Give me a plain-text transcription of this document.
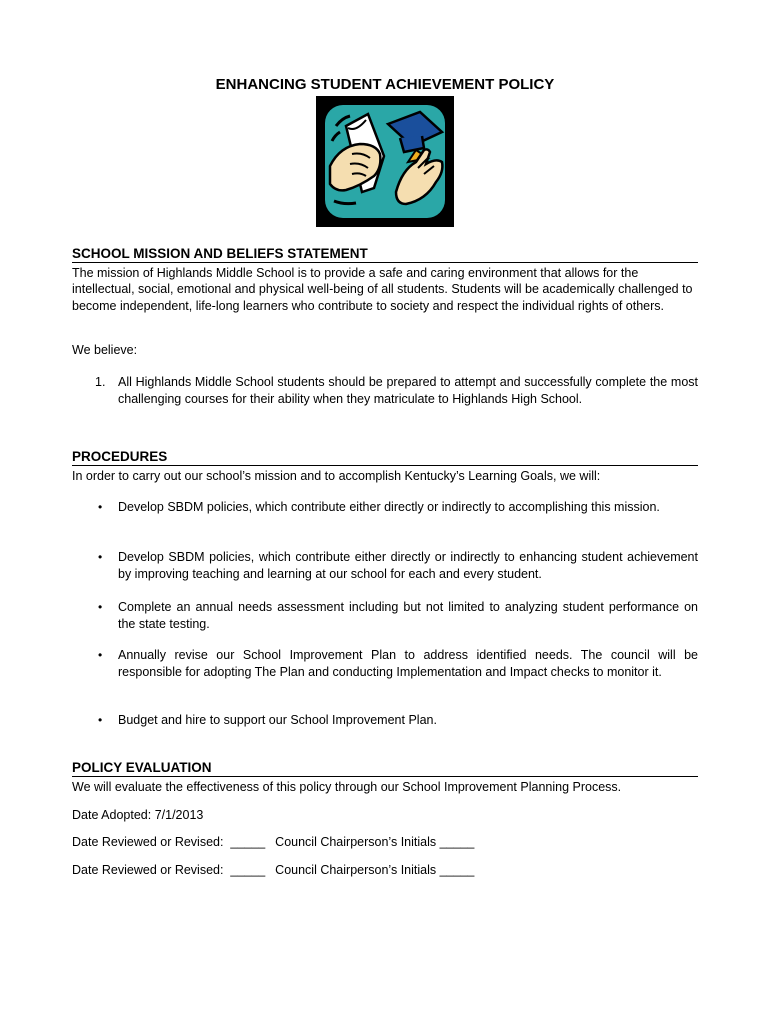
ENHANCING STUDENT ACHIEVEMENT POLICY
SCHOOL MISSION AND BELIEFS STATEMENT

The mission of Highlands Middle School is to provide a safe and caring environment that allows for the intellectual, social, emotional and physical well-being of all students. Students will be academically challenged to become independent, life-long learners who contribute to society and respect the individual rights of others.

We believe:
1. All Highlands Middle School students should be prepared to attempt and successfully complete the most challenging courses for their ability when they matriculate to Highlands High School.
PROCEDURES

In order to carry out our school’s mission and to accomplish Kentucky’s Learning Goals, we will:

• Develop SBDM policies, which contribute either directly or indirectly to accomplishing this mission.
• Develop SBDM policies, which contribute either directly or indirectly to enhancing student achievement by improving teaching and learning at our school for each and every student.
• Complete an annual needs assessment including but not limited to analyzing student performance on the state testing.
• Annually revise our School Improvement Plan to address identified needs. The council will be responsible for adopting The Plan and conducting Implementation and Impact checks to monitor it.
• Budget and hire to support our School Improvement Plan.
POLICY EVALUATION

We will evaluate the effectiveness of this policy through our School Improvement Planning Process.

Date Adopted: 7/1/2013
Date Reviewed or Revised:  _____ Council Chairperson’s Initials _____
Date Reviewed or Revised:  _____ Council Chairperson’s Initials _____
